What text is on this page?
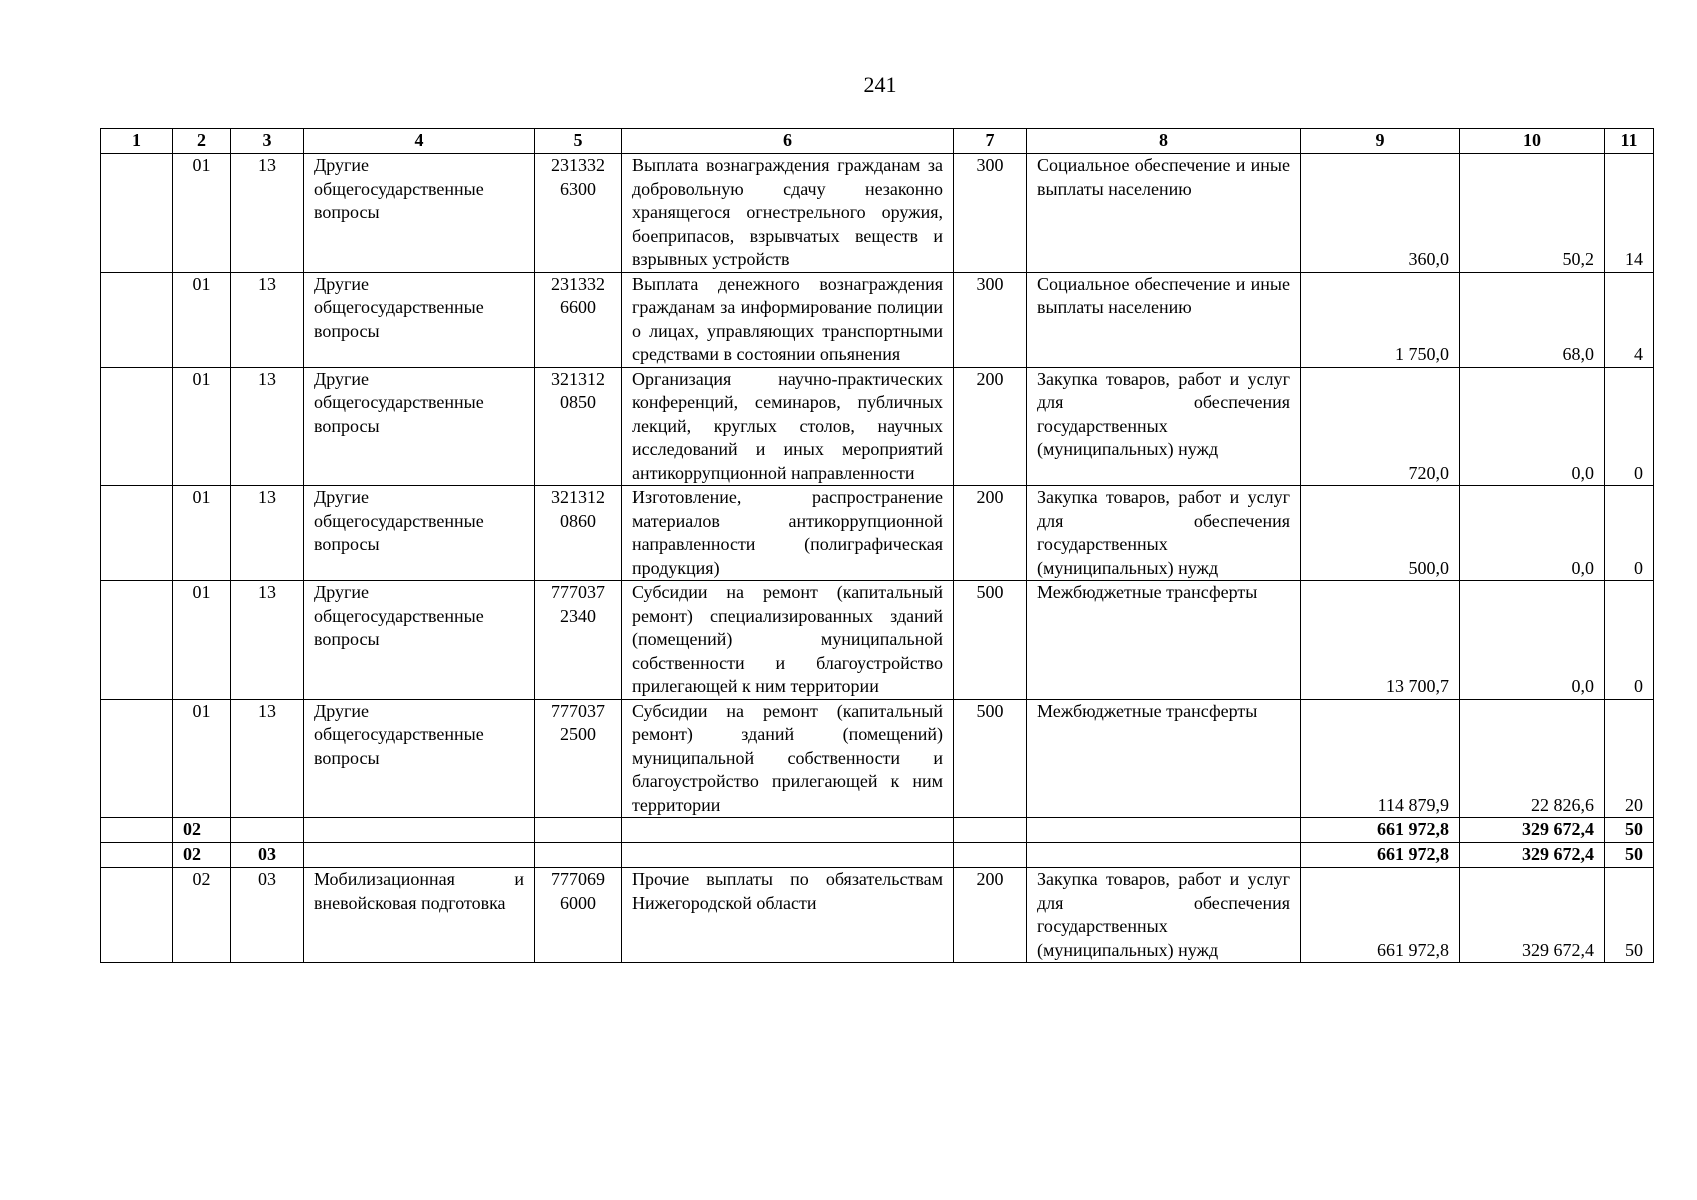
241
1	2	3	4	5	6	7	8	9	10	11
	01	13	Другие общегосударственные вопросы	231332 6300	Выплата вознаграждения гражданам за добровольную сдачу незаконно хранящегося огнестрельного оружия, боеприпасов, взрывчатых веществ и взрывных устройств	300	Социальное обеспечение и иные выплаты населению	360,0	50,2	14
	01	13	Другие общегосударственные вопросы	231332 6600	Выплата денежного вознаграждения гражданам за информирование полиции о лицах, управляющих транспортными средствами в состоянии опьянения	300	Социальное обеспечение и иные выплаты населению	1 750,0	68,0	4
	01	13	Другие общегосударственные вопросы	321312 0850	Организация научно-практических конференций, семинаров, публичных лекций, круглых столов, научных исследований и иных мероприятий антикоррупционной направленности	200	Закупка товаров, работ и услуг для обеспечения государственных (муниципальных) нужд	720,0	0,0	0
	01	13	Другие общегосударственные вопросы	321312 0860	Изготовление, распространение материалов антикоррупционной направленности (полиграфическая продукция)	200	Закупка товаров, работ и услуг для обеспечения государственных (муниципальных) нужд	500,0	0,0	0
	01	13	Другие общегосударственные вопросы	777037 2340	Субсидии на ремонт (капитальный ремонт) специализированных зданий (помещений) муниципальной собственности и благоустройство прилегающей к ним территории	500	Межбюджетные трансферты	13 700,7	0,0	0
	01	13	Другие общегосударственные вопросы	777037 2500	Субсидии на ремонт (капитальный ремонт) зданий (помещений) муниципальной собственности и благоустройство прилегающей к ним территории	500	Межбюджетные трансферты	114 879,9	22 826,6	20
	02							661 972,8	329 672,4	50
	02	03						661 972,8	329 672,4	50
	02	03	Мобилизационная и вневойсковая подготовка	777069 6000	Прочие выплаты по обязательствам Нижегородской области	200	Закупка товаров, работ и услуг для обеспечения государственных (муниципальных) нужд	661 972,8	329 672,4	50
